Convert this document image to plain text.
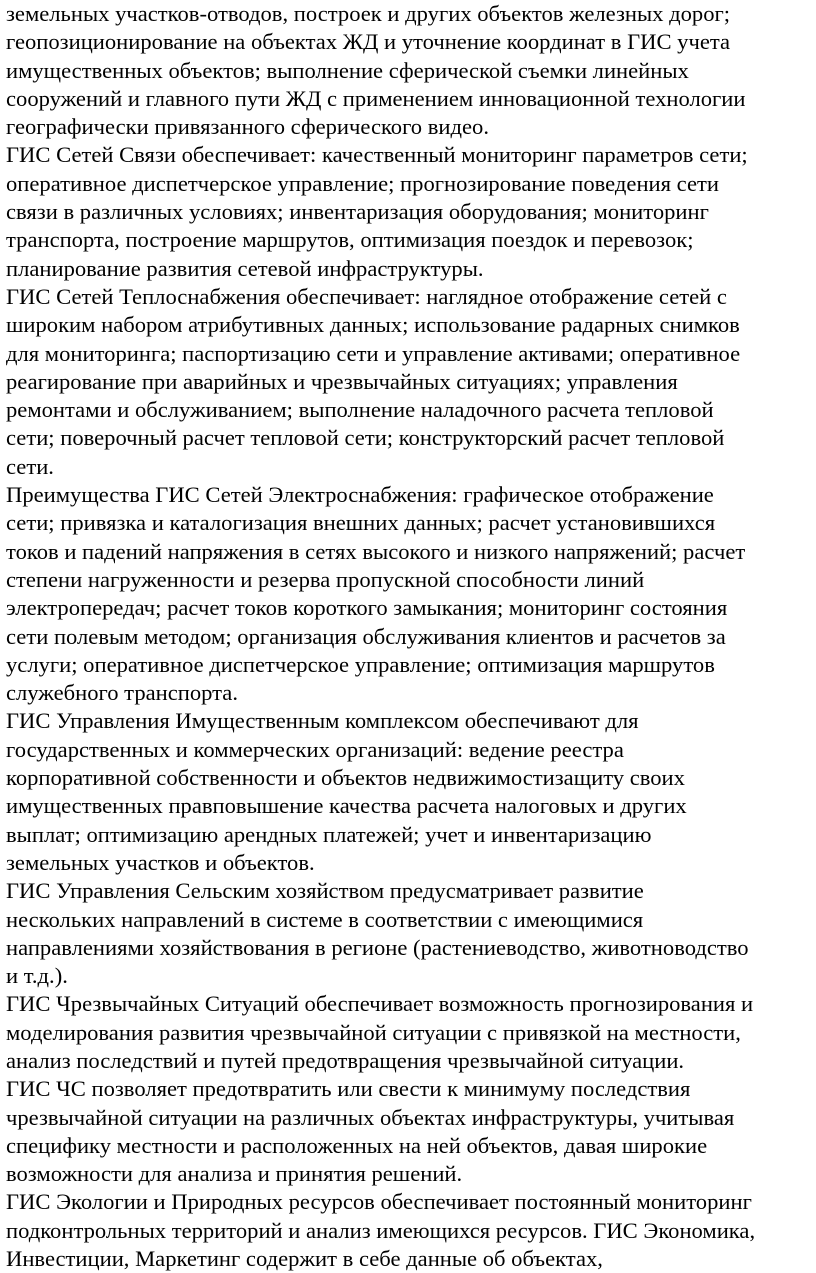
земельных участков-отводов, построек и других объектов железных дорог;

геопозиционирование на объектах ЖД и уточнение координат в ГИС учета

имущественных объектов; выполнение сферической съемки линейных

сооружений и главного пути ЖД с применением инновационной технологии

географически привязанного сферического видео.

ГИС Сетей Связи обеспечивает: качественный мониторинг параметров сети;

оперативное диспетчерское управление; прогнозирование поведения сети

связи в различных условиях; инвентаризация оборудования; мониторинг

транспорта, построение маршрутов, оптимизация поездок и перевозок;

планирование развития сетевой инфраструктуры.

ГИС Сетей Теплоснабжения обеспечивает: наглядное отображение сетей с

широким набором атрибутивных данных; использование радарных снимков

для мониторинга; паспортизацию сети и управление активами; оперативное

реагирование при аварийных и чрезвычайных ситуациях; управления

ремонтами и обслуживанием; выполнение наладочного расчета тепловой

сети; поверочный расчет тепловой сети; конструкторский расчет тепловой

сети.

Преимущества ГИС Сетей Электроснабжения: графическое отображение

сети; привязка и каталогизация внешних данных; расчет установившихся

токов и падений напряжения в сетях высокого и низкого напряжений; расчет

степени нагруженности и резерва пропускной способности линий

электропередач; расчет токов короткого замыкания; мониторинг состояния

сети полевым методом; организация обслуживания клиентов и расчетов за

услуги; оперативное диспетчерское управление; оптимизация маршрутов

служебного транспорта.

ГИС Управления Имущественным комплексом обеспечивают для

государственных и коммерческих организаций: ведение реестра

корпоративной собственности и объектов недвижимостизащиту своих

имущественных правповышение качества расчета налоговых и других

выплат; оптимизацию арендных платежей; учет и инвентаризацию

земельных участков и объектов.

ГИС Управления Сельским хозяйством предусматривает развитие

нескольких направлений в системе в соответствии с имеющимися

направлениями хозяйствования в регионе (растениеводство, животноводство

и т.д.).

ГИС Чрезвычайных Ситуаций обеспечивает возможность прогнозирования и

моделирования развития чрезвычайной ситуации с привязкой на местности,

анализ последствий и путей предотвращения чрезвычайной ситуации.

ГИС ЧС позволяет предотвратить или свести к минимуму последствия

чрезвычайной ситуации на различных объектах инфраструктуры, учитывая

специфику местности и расположенных на ней объектов, давая широкие

возможности для анализа и принятия решений.

ГИС Экологии и Природных ресурсов обеспечивает постоянный мониторинг

подконтрольных территорий и анализ имеющихся ресурсов. ГИС Экономика,

Инвестиции, Маркетинг содержит в себе данные об объектах,
